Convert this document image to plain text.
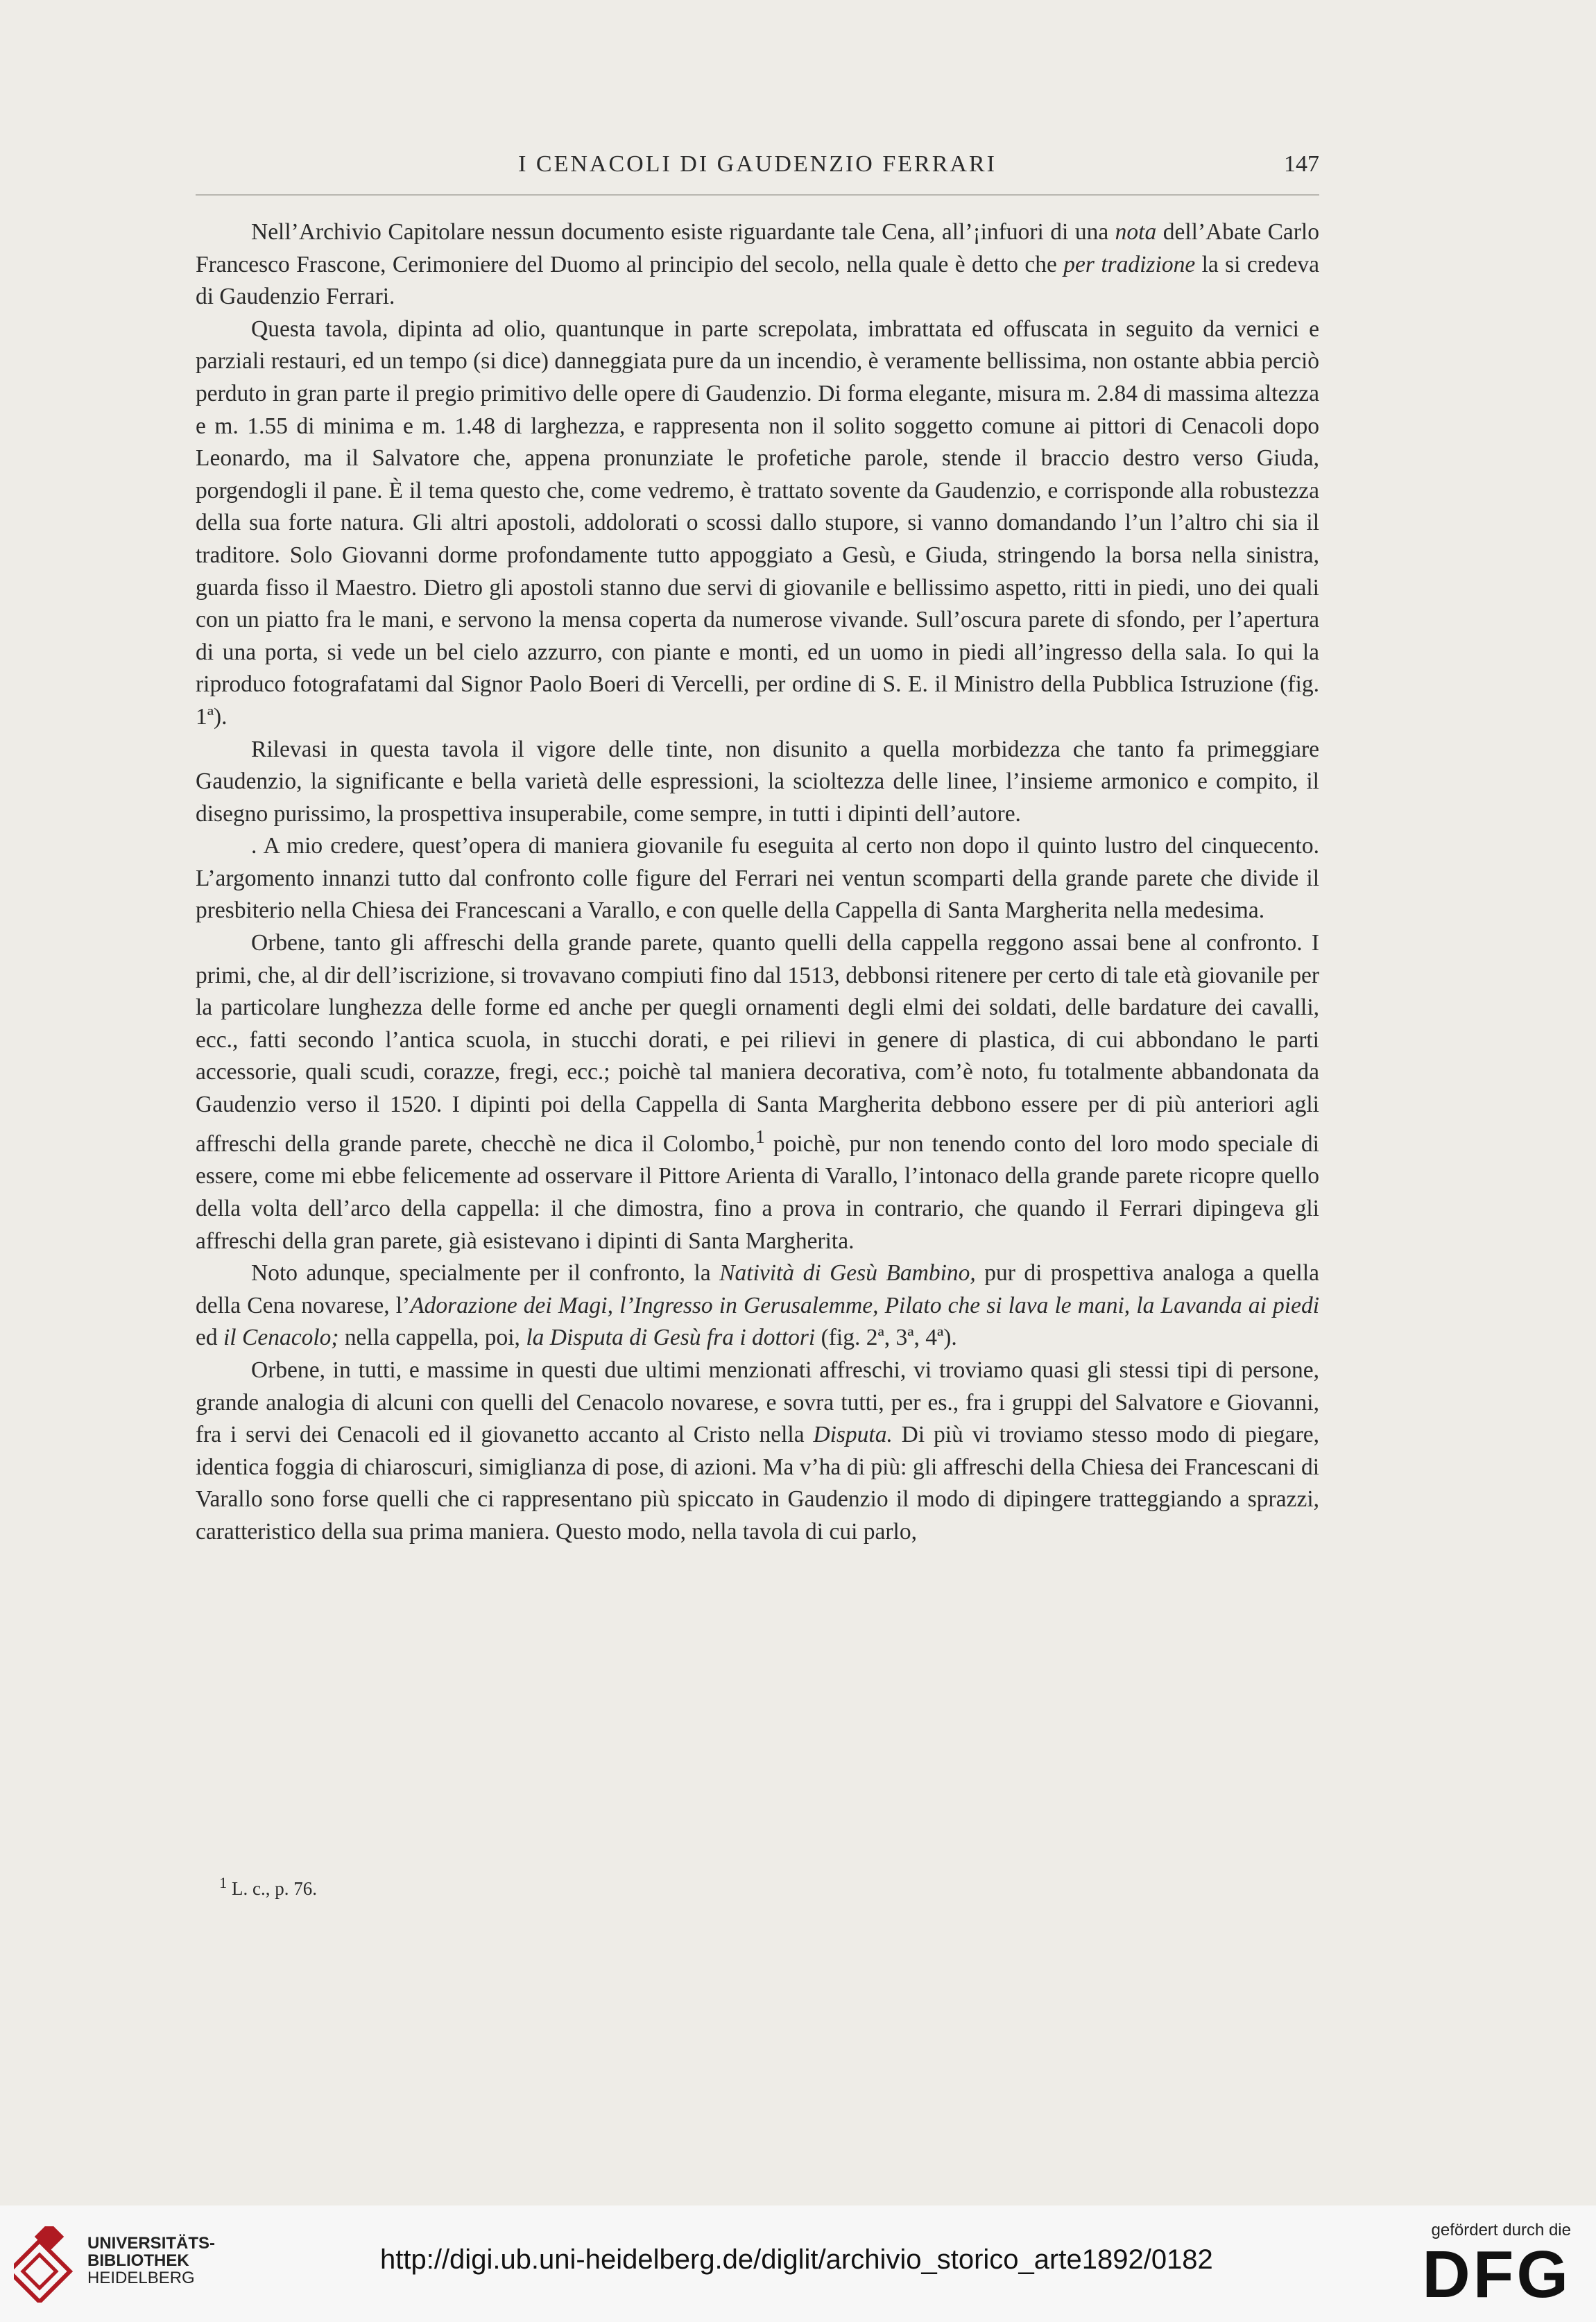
I CENACOLI DI GAUDENZIO FERRARI	147

Nell’Archivio Capitolare nessun documento esiste riguardante tale Cena, all’¡infuori di una nota dell’Abate Carlo Francesco Frascone, Cerimoniere del Duomo al principio del secolo, nella quale è detto che per tradizione la si credeva di Gaudenzio Ferrari.

Questa tavola, dipinta ad olio, quantunque in parte screpolata, imbrattata ed offuscata in seguito da vernici e parziali restauri, ed un tempo (si dice) danneggiata pure da un incendio, è veramente bellissima, non ostante abbia perciò perduto in gran parte il pregio primitivo delle opere di Gaudenzio. Di forma elegante, misura m. 2.84 di massima altezza e m. 1.55 di minima e m. 1.48 di larghezza, e rappresenta non il solito soggetto comune ai pittori di Cenacoli dopo Leonardo, ma il Salvatore che, appena pronunziate le profetiche parole, stende il braccio destro verso Giuda, porgendogli il pane. È il tema questo che, come vedremo, è trattato sovente da Gaudenzio, e corrisponde alla robustezza della sua forte natura. Gli altri apostoli, addolorati o scossi dallo stupore, si vanno domandando l’un l’altro chi sia il traditore. Solo Giovanni dorme profondamente tutto appoggiato a Gesù, e Giuda, stringendo la borsa nella sinistra, guarda fisso il Maestro. Dietro gli apostoli stanno due servi di giovanile e bellissimo aspetto, ritti in piedi, uno dei quali con un piatto fra le mani, e servono la mensa coperta da numerose vivande. Sull’oscura parete di sfondo, per l’apertura di una porta, si vede un bel cielo azzurro, con piante e monti, ed un uomo in piedi all’ingresso della sala. Io qui la riproduco fotografatami dal Signor Paolo Boeri di Vercelli, per ordine di S. E. il Ministro della Pubblica Istruzione (fig. 1ª).

Rilevasi in questa tavola il vigore delle tinte, non disunito a quella morbidezza che tanto fa primeggiare Gaudenzio, la significante e bella varietà delle espressioni, la scioltezza delle linee, l’insieme armonico e compito, il disegno purissimo, la prospettiva insuperabile, come sempre, in tutti i dipinti dell’autore.

. A mio credere, quest’opera di maniera giovanile fu eseguita al certo non dopo il quinto lustro del cinquecento. L’argomento innanzi tutto dal confronto colle figure del Ferrari nei ventun scomparti della grande parete che divide il presbiterio nella Chiesa dei Francescani a Varallo, e con quelle della Cappella di Santa Margherita nella medesima.

Orbene, tanto gli affreschi della grande parete, quanto quelli della cappella reggono assai bene al confronto. I primi, che, al dir dell’iscrizione, si trovavano compiuti fino dal 1513, debbonsi ritenere per certo di tale età giovanile per la particolare lunghezza delle forme ed anche per quegli ornamenti degli elmi dei soldati, delle bardature dei cavalli, ecc., fatti secondo l’antica scuola, in stucchi dorati, e pei rilievi in genere di plastica, di cui abbondano le parti accessorie, quali scudi, corazze, fregi, ecc.; poichè tal maniera decorativa, com’è noto, fu totalmente abbandonata da Gaudenzio verso il 1520. I dipinti poi della Cappella di Santa Margherita debbono essere per di più anteriori agli affreschi della grande parete, checchè ne dica il Colombo,$^1$ poichè, pur non tenendo conto del loro modo speciale di essere, come mi ebbe felicemente ad osservare il Pittore Arienta di Varallo, l’intonaco della grande parete ricopre quello della volta dell’arco della cappella: il che dimostra, fino a prova in contrario, che quando il Ferrari dipingeva gli affreschi della gran parete, già esistevano i dipinti di Santa Margherita.

Noto adunque, specialmente per il confronto, la Natività di Gesù Bambino, pur di prospettiva analoga a quella della Cena novarese, l’Adorazione dei Magi, l’Ingresso in Gerusalemme, Pilato che si lava le mani, la Lavanda ai piedi ed il Cenacolo; nella cappella, poi, la Disputa di Gesù fra i dottori (fig. 2ª, 3ª, 4ª).

Orbene, in tutti, e massime in questi due ultimi menzionati affreschi, vi troviamo quasi gli stessi tipi di persone, grande analogia di alcuni con quelli del Cenacolo novarese, e sovra tutti, per es., fra i gruppi del Salvatore e Giovanni, fra i servi dei Cenacoli ed il giovanetto accanto al Cristo nella Disputa. Di più vi troviamo stesso modo di piegare, identica foggia di chiaroscuri, simiglianza di pose, di azioni. Ma v’ha di più: gli affreschi della Chiesa dei Francescani di Varallo sono forse quelli che ci rappresentano più spiccato in Gaudenzio il modo di dipingere tratteggiando a sprazzi, caratteristico della sua prima maniera. Questo modo, nella tavola di cui parlo,

$^1$ L. c., p. 76.
UNIVERSITÄTS-
BIBLIOTHEK
HEIDELBERG
http://digi.ub.uni-heidelberg.de/diglit/archivio_storico_arte1892/0182
gefördert durch die
DFG
